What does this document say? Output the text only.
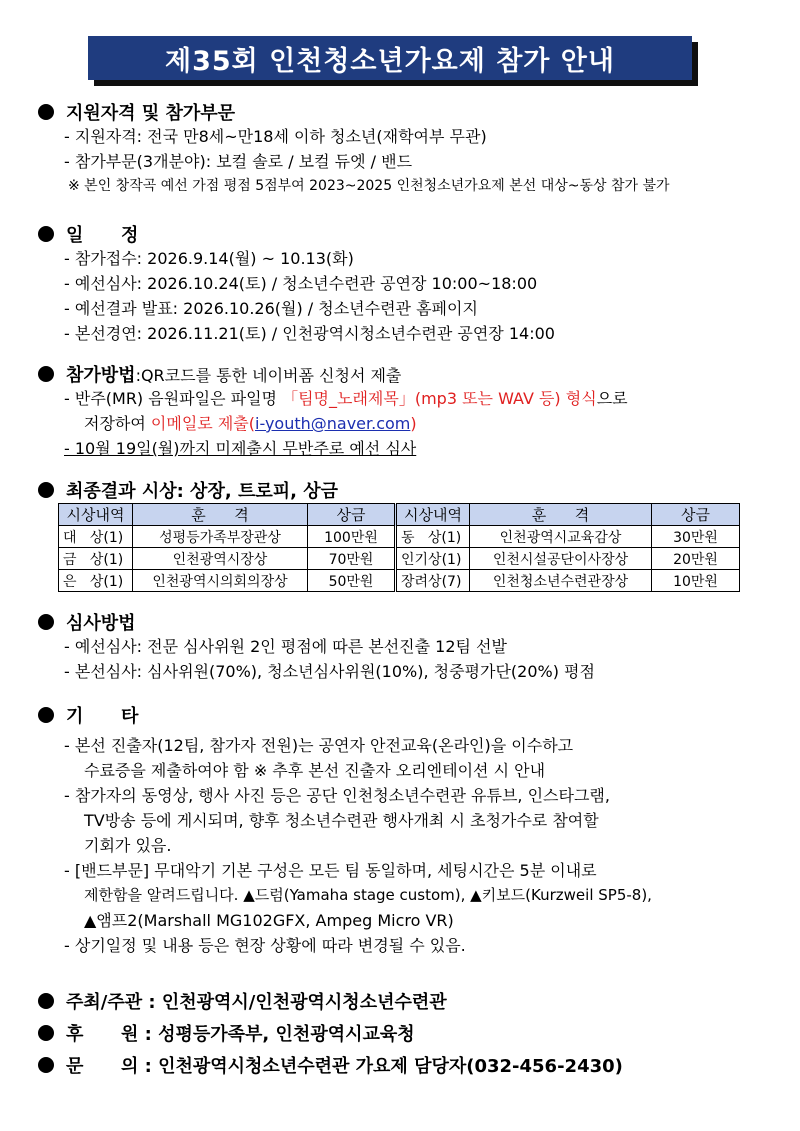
제35회 인천청소년가요제 참가 안내
지원자격 및 참가부문
- 지원자격: 전국 만8세~만18세 이하 청소년(재학여부 무관)
- 참가부문(3개분야): 보컬 솔로 / 보컬 듀엣 / 밴드
※ 본인 창작곡 예선 가점 평점 5점부여 2023~2025 인천청소년가요제 본선 대상~동상 참가 불가
일      정
- 참가접수: 2026.9.14(월) ~ 10.13(화)
- 예선심사: 2026.10.24(토) / 청소년수련관 공연장 10:00~18:00
- 예선결과 발표: 2026.10.26(월) / 청소년수련관 홈페이지
- 본선경연: 2026.11.21(토) / 인천광역시청소년수련관 공연장 14:00
참가방법 :QR코드를 통한 네이버폼 신청서 제출
- 반주(MR) 음원파일은 파일명 「팀명_노래제목」(mp3 또는 WAV 등) 형식으로
저장하여 이메일로 제출(i-youth@naver.com)
- 10월 19일(월)까지 미제출시 무반주로 예선 심사
최종결과 시상: 상장, 트로피, 상금
시상내역	훈      격	상금	시상내역	훈      격	상금
대   상(1)	성평등가족부장관상	100만원	동   상(1)	인천광역시교육감상	30만원
금   상(1)	인천광역시장상	70만원	인기상(1)	인천시설공단이사장상	20만원
은   상(1)	인천광역시의회의장상	50만원	장려상(7)	인천청소년수련관장상	10만원
심사방법
- 예선심사: 전문 심사위원 2인 평점에 따른 본선진출 12팀 선발
- 본선심사: 심사위원(70%), 청소년심사위원(10%), 청중평가단(20%) 평점
기      타
- 본선 진출자(12팀, 참가자 전원)는 공연자 안전교육(온라인)을 이수하고
수료증을 제출하여야 함 ※ 추후 본선 진출자 오리엔테이션 시 안내
- 참가자의 동영상, 행사 사진 등은 공단 인천청소년수련관 유튜브, 인스타그램,
TV방송 등에 게시되며, 향후 청소년수련관 행사개최 시 초청가수로 참여할
기회가 있음.
- [밴드부문] 무대악기 기본 구성은 모든 팀 동일하며, 세팅시간은 5분 이내로
제한함을 알려드립니다. ▲드럼(Yamaha stage custom), ▲키보드(Kurzweil SP5-8),
▲앰프2(Marshall MG102GFX, Ampeg Micro VR)
- 상기일정 및 내용 등은 현장 상황에 따라 변경될 수 있음.
주최/주관 : 인천광역시/인천광역시청소년수련관
후      원 : 성평등가족부, 인천광역시교육청
문      의 : 인천광역시청소년수련관 가요제 담당자(032-456-2430)
